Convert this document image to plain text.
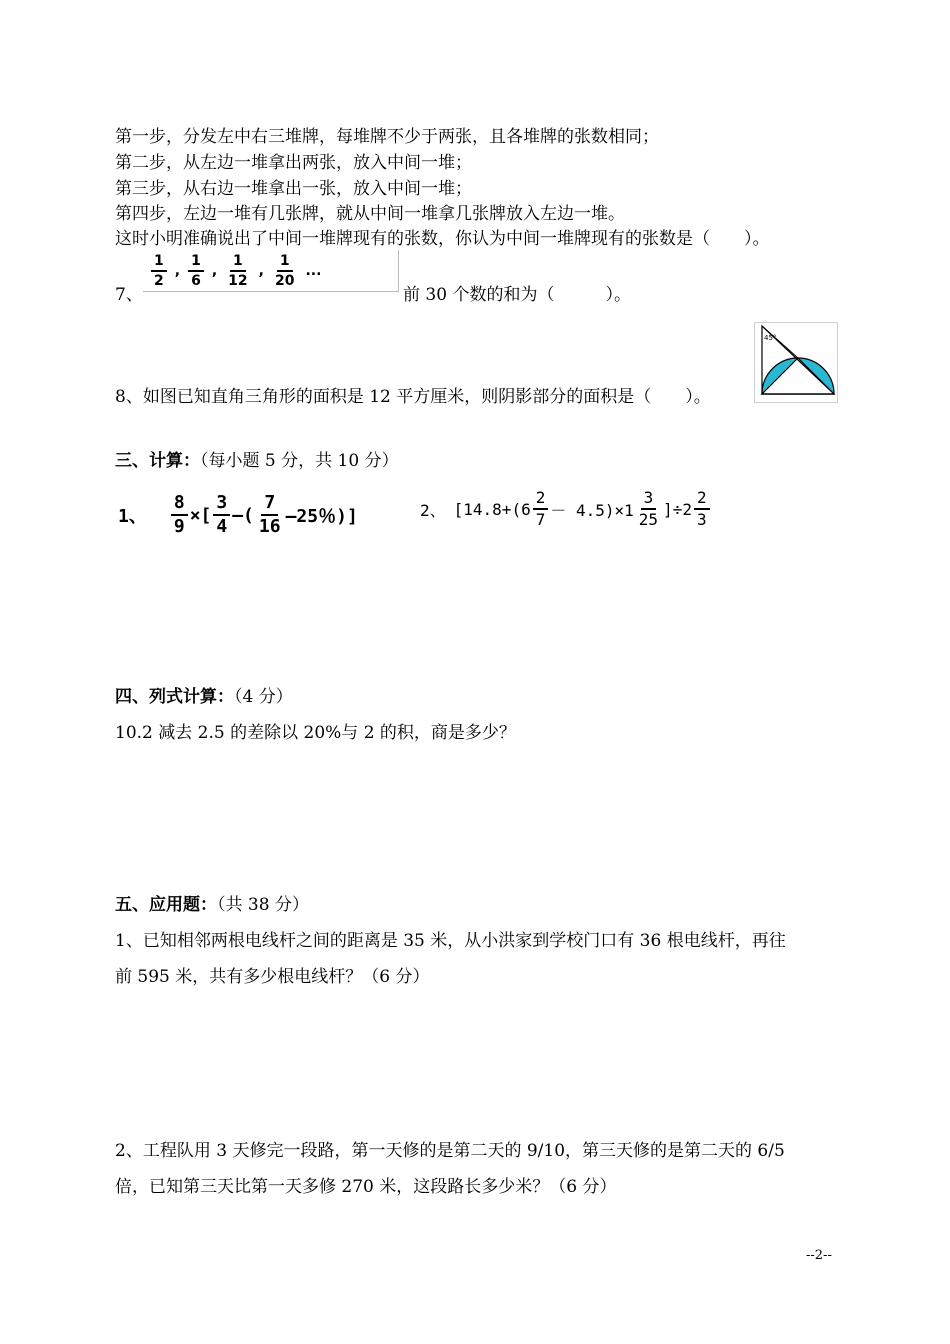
第一步，分发左中右三堆牌，每堆牌不少于两张，且各堆牌的张数相同；
第二步，从左边一堆拿出两张，放入中间一堆；
第三步，从右边一堆拿出一张，放入中间一堆；
第四步，左边一堆有几张牌，就从中间一堆拿几张牌放入左边一堆。
这时小明准确说出了中间一堆牌现有的张数，你认为中间一堆牌现有的张数是（　　）。
7、
$\frac{1}{2}$ , $\frac{1}{6}$ , $\frac{1}{12}$ , $\frac{1}{20}$ ...
前 30 个数的和为（　　　）。
8、如图已知直角三角形的面积是 12 平方厘米，则阴影部分的面积是（　　）。
45°
三、计算：（每小题 5 分，共 10 分）
1、 $\frac{8}{9}$ ×[ $\frac{3}{4}$ —( $\frac{7}{16}$ —25％)]	2、 $[14.8+(6 \frac{2}{7} - 4.5)\times 1 \frac{3}{25} ]\div 2 \frac{2}{3}$
四、列式计算：（4 分）
10.2 减去 2.5 的差除以 20%与 2 的积，商是多少？
五、应用题：（共 38 分）
1、已知相邻两根电线杆之间的距离是 35 米，从小洪家到学校门口有 36 根电线杆，再往
前 595 米，共有多少根电线杆？（6 分）
2、工程队用 3 天修完一段路，第一天修的是第二天的 9/10，第三天修的是第二天的 6/5
倍，已知第三天比第一天多修 270 米，这段路长多少米？（6 分）
--2--
